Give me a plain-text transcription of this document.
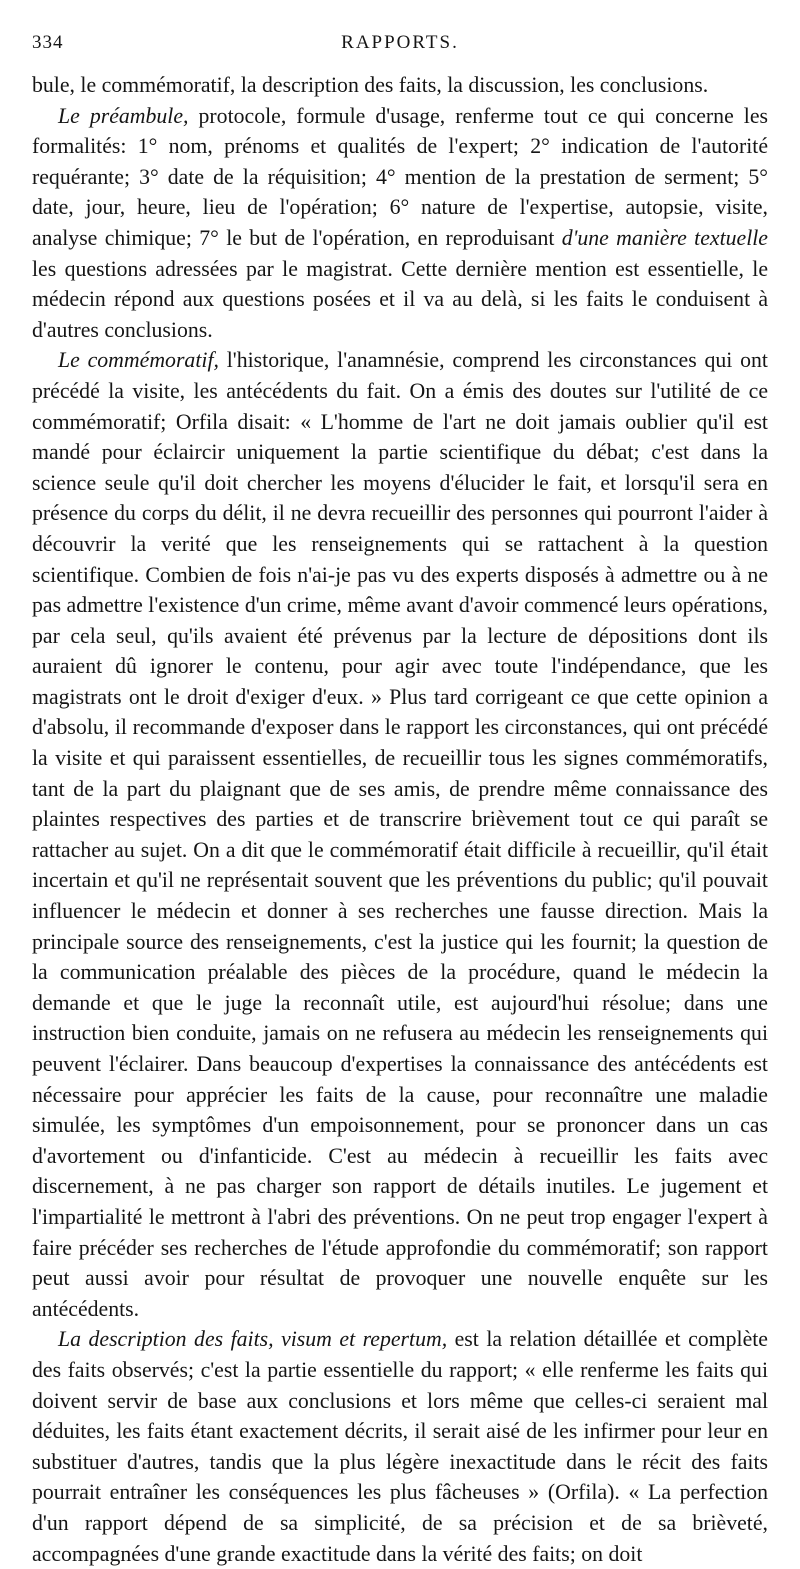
334	RAPPORTS.

bule, le commémoratif, la description des faits, la discussion, les conclusions.

Le préambule, protocole, formule d'usage, renferme tout ce qui concerne les formalités: 1° nom, prénoms et qualités de l'expert; 2° indication de l'autorité requérante; 3° date de la réquisition; 4° mention de la prestation de serment; 5° date, jour, heure, lieu de l'opération; 6° nature de l'expertise, autopsie, visite, analyse chimique; 7° le but de l'opération, en reproduisant d'une manière textuelle les questions adressées par le magistrat. Cette dernière mention est essentielle, le médecin répond aux questions posées et il va au delà, si les faits le conduisent à d'autres conclusions.

Le commémoratif, l'historique, l'anamnésie, comprend les circonstances qui ont précédé la visite, les antécédents du fait. On a émis des doutes sur l'utilité de ce commémoratif; Orfila disait: « L'homme de l'art ne doit jamais oublier qu'il est mandé pour éclaircir uniquement la partie scientifique du débat; c'est dans la science seule qu'il doit chercher les moyens d'élucider le fait, et lorsqu'il sera en présence du corps du délit, il ne devra recueillir des personnes qui pourront l'aider à découvrir la verité que les renseignements qui se rattachent à la question scientifique. Combien de fois n'ai-je pas vu des experts disposés à admettre ou à ne pas admettre l'existence d'un crime, même avant d'avoir commencé leurs opérations, par cela seul, qu'ils avaient été prévenus par la lecture de dépositions dont ils auraient dû ignorer le contenu, pour agir avec toute l'indépendance, que les magistrats ont le droit d'exiger d'eux. » Plus tard corrigeant ce que cette opinion a d'absolu, il recommande d'exposer dans le rapport les circonstances, qui ont précédé la visite et qui paraissent essentielles, de recueillir tous les signes commémoratifs, tant de la part du plaignant que de ses amis, de prendre même connaissance des plaintes respectives des parties et de transcrire brièvement tout ce qui paraît se rattacher au sujet. On a dit que le commémoratif était difficile à recueillir, qu'il était incertain et qu'il ne représentait souvent que les préventions du public; qu'il pouvait influencer le médecin et donner à ses recherches une fausse direction. Mais la principale source des renseignements, c'est la justice qui les fournit; la question de la communication préalable des pièces de la procédure, quand le médecin la demande et que le juge la reconnaît utile, est aujourd'hui résolue; dans une instruction bien conduite, jamais on ne refusera au médecin les renseignements qui peuvent l'éclairer. Dans beaucoup d'expertises la connaissance des antécédents est nécessaire pour apprécier les faits de la cause, pour reconnaître une maladie simulée, les symptômes d'un empoisonnement, pour se prononcer dans un cas d'avortement ou d'infanticide. C'est au médecin à recueillir les faits avec discernement, à ne pas charger son rapport de détails inutiles. Le jugement et l'impartialité le mettront à l'abri des préventions. On ne peut trop engager l'expert à faire précéder ses recherches de l'étude approfondie du commémoratif; son rapport peut aussi avoir pour résultat de provoquer une nouvelle enquête sur les antécédents.

La description des faits, visum et repertum, est la relation détaillée et complète des faits observés; c'est la partie essentielle du rapport; « elle renferme les faits qui doivent servir de base aux conclusions et lors même que celles-ci seraient mal déduites, les faits étant exactement décrits, il serait aisé de les infirmer pour leur en substituer d'autres, tandis que la plus légère inexactitude dans le récit des faits pourrait entraîner les conséquences les plus fâcheuses » (Orfila). « La perfection d'un rapport dépend de sa simplicité, de sa précision et de sa brièveté, accompagnées d'une grande exactitude dans la vérité des faits; on doit
